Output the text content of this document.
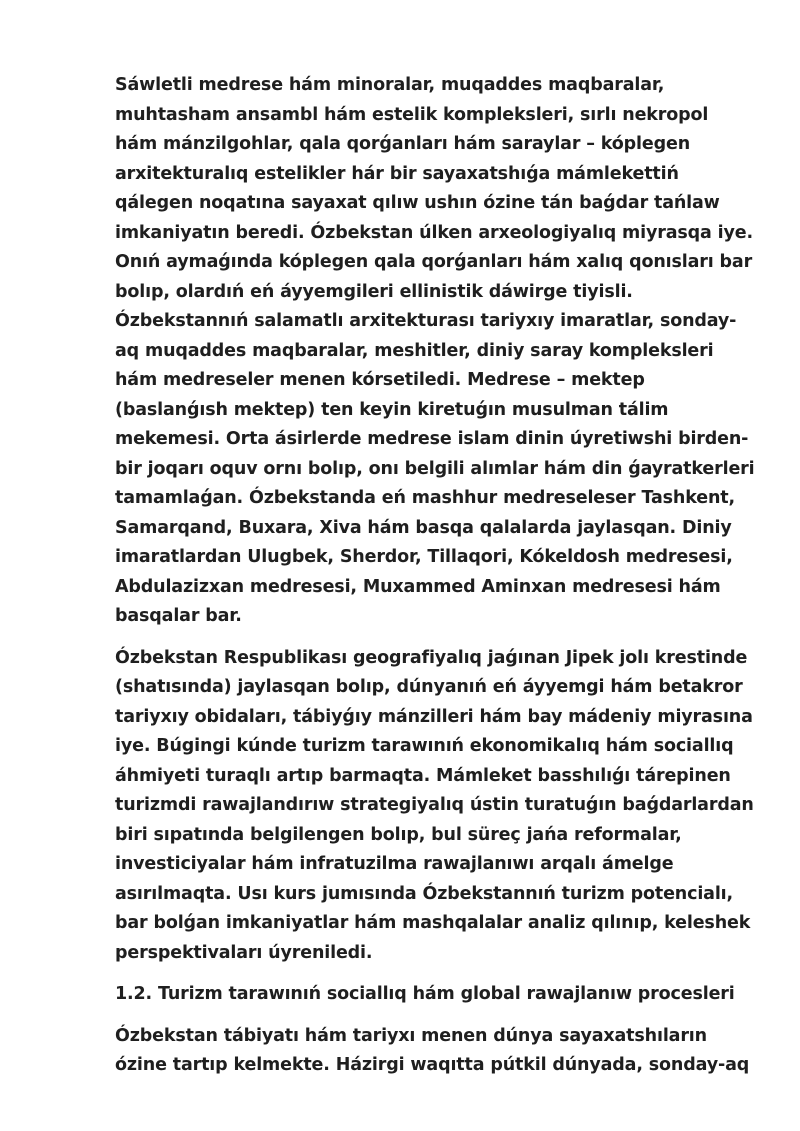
Sáwletli medrese hám minoralar, muqaddes maqbaralar, muhtasham ansambl hám estelik kompleksleri, sırlı nekropol hám mánzilgohlar, qala qorǵanları hám saraylar – kóplegen arxitekturalıq estelikler hár bir sayaxatshıǵa mámlekettiń qálegen noqatına sayaxat qılıw ushın ózine tán baǵdar tańlaw imkaniyatın beredi. Ózbekstan úlken arxeologiyalıq miyrasqa iye. Onıń aymaǵında kóplegen qala qorǵanları hám xalıq qonısları bar bolıp, olardıń eń áyyemgileri ellinistik dáwirge tiyisli. Ózbekstannıń salamatlı arxitekturası tariyxıy imaratlar, sonday-aq muqaddes maqbaralar, meshitler, diniy saray kompleksleri hám medreseler menen kórsetiledi. Medrese – mektep (baslanǵısh mektep) ten keyin kiretuǵın musulman tálim mekemesi. Orta ásirlerde medrese islam dinin úyretiwshi birden-bir joqarı oquv ornı bolıp, onı belgili alımlar hám din ǵayratkerleri tamamlaǵan. Ózbekstanda eń mashhur medreseleser Tashkent, Samarqand, Buxara, Xiva hám basqa qalalarda jaylasqan. Diniy imaratlardan Ulugbek, Sherdor, Tillaqori, Kókeldosh medresesi, Abdulazizxan medresesi, Muxammed Aminxan medresesi hám basqalar bar.

Ózbekstan Respublikası geografiyalıq jaǵınan Jipek jolı krestinde (shatısında) jaylasqan bolıp, dúnyanıń eń áyyemgi hám betakror tariyxıy obidaları, tábiyǵıy mánzilleri hám bay mádeniy miyrasına iye. Búgingi kúnde turizm tarawınıń ekonomikalıq hám sociallıq áhmiyeti turaqlı artıp barmaqta. Mámleket basshılıǵı tárepinen turizmdi rawajlandırıw strategiyalıq ústin turatuǵın baǵdarlardan biri sıpatında belgilengen bolıp, bul süreç jańa reformalar, investiciyalar hám infratuzilma rawajlanıwı arqalı ámelge asırılmaqta. Usı kurs jumısında Ózbekstannıń turizm potencialı, bar bolǵan imkaniyatlar hám mashqalalar analiz qılınıp, keleshek perspektivaları úyreniledi.

1.2. Turizm tarawınıń sociallıq hám global rawajlanıw procesleri

Ózbekstan tábiyatı hám tariyxı menen dúnya sayaxatshıların ózine tartıp kelmekte. Házirgi waqıtta pútkil dúnyada, sonday-aq
